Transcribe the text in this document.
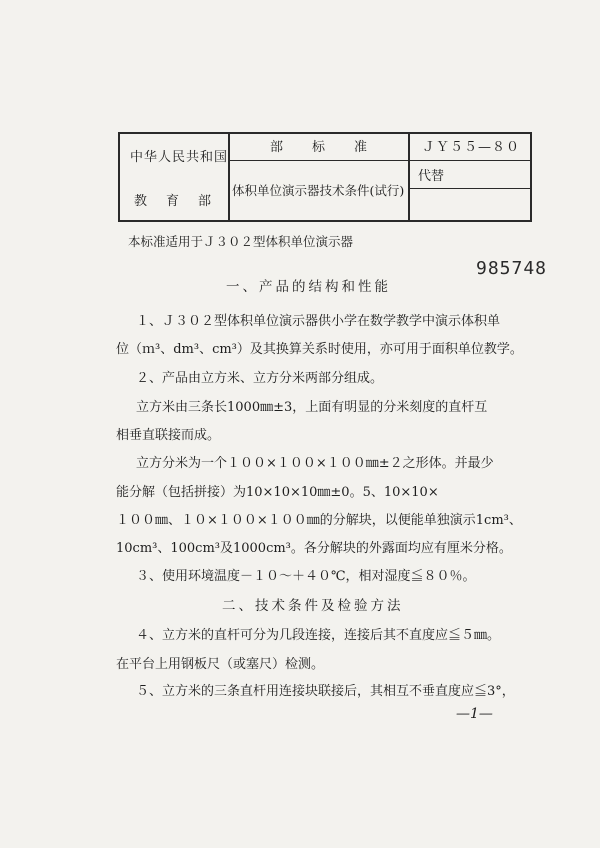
中华人民共和国
教　育　部
部　标　准
体积单位演示器技术条件(试行)
ＪＹ５５—８０
代替
本标准适用于Ｊ３０２型体积单位演示器
985748
一、产品的结构和性能
１、Ｊ３０２型体积单位演示器供小学在数学教学中演示体积单
位（ｍ³、dm³、cm³）及其换算关系时使用，亦可用于面积单位教学。
２、产品由立方米、立方分米两部分组成。
立方米由三条长1000㎜±3，上面有明显的分米刻度的直杆互
相垂直联接而成。
立方分米为一个１００×１００×１００㎜±２之形体。并最少
能分解（包括拼接）为10×10×10㎜±0。5、10×10×
１００㎜、１０×１００×１００㎜的分解块，以便能单独演示1cm³、
10cm³、100cm³及1000cm³。各分解块的外露面均应有厘米分格。
３、使用环境温度－１０～＋４０℃，相对湿度≦８０％。
二、技术条件及检验方法
４、立方米的直杆可分为几段连接，连接后其不直度应≦５㎜。
在平台上用钢板尺（或塞尺）检测。
５、立方米的三条直杆用连接块联接后，其相互不垂直度应≦3°，
—1—
